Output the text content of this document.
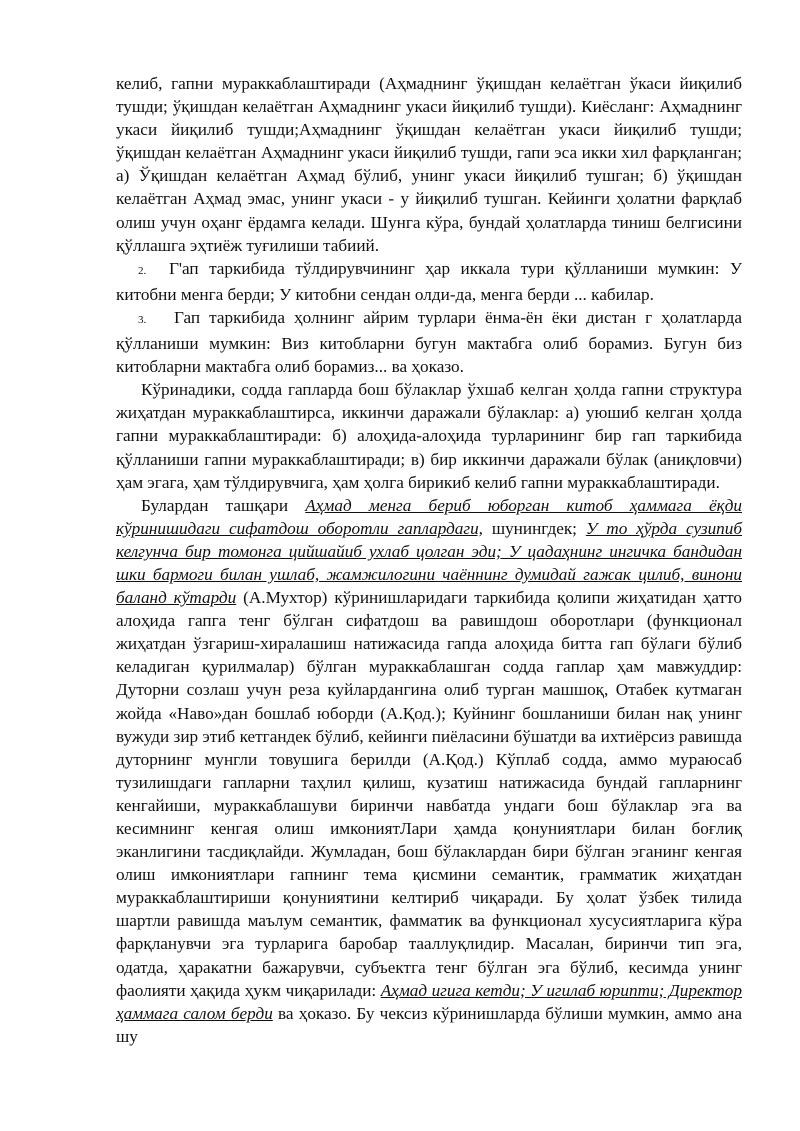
келиб, гапни мураккаблаштиради (Аҳмаднинг ўқишдан келаётган ўкаси йиқилиб тушди; ўқишдан келаётган Аҳмаднинг укаси йиқилиб тушди). Киёсланг: Аҳмаднинг укаси йиқилиб тушди;Аҳмаднинг ўқишдан келаётган укаси йиқилиб тушди; ўқишдан келаётган Аҳмаднинг укаси йиқилиб тушди, гапи эса икки хил фарқланган; а) Ўқишдан келаётган Аҳмад бўлиб, унинг укаси йиқилиб тушган; б) ўқишдан келаётган Аҳмад эмас, унинг укаси - у йиқилиб тушган. Кейинги ҳолатни фарқлаб олиш учун оҳанг ёрдамга келади. Шунга кўра, бундай ҳолатларда тиниш белгисини қўллашга эҳтиёж туғилиши табиий.

2. Г'ап таркибида тўлдирувчининг ҳар иккала тури қўлланиши мумкин: У китобни менга берди; У китобни сендан олди-да, менга берди ... кабилар.

3. Гап таркибида ҳолнинг айрим турлари ёнма-ён ёки дистан г ҳолатларда қўлланиши мумкин: Виз китобларни бугун мактабга олиб борамиз. Бугун биз китобларни мактабга олиб борамиз... ва ҳоказо.

Кўринадики, содда гапларда бош бўлаклар ўхшаб келган ҳолда гапни структура жиҳатдан мураккаблаштирса, иккинчи даражали бўлаклар: а) уюшиб келган ҳолда гапни мураккаблаштиради: б) алоҳида-алоҳида турларининг бир гап таркибида қўлланиши гапни мураккаблаштиради; в) бир иккинчи даражали бўлак (аниқловчи) ҳам эгага, ҳам тўлдирувчига, ҳам ҳолга бирикиб келиб гапни мураккаблаштиради.

Булардан ташқари Аҳмад менга бериб юборган китоб ҳаммага ёқди кўринишидаги сифатдош оборотли гаплардаги, шунингдек; У то ҳўрда сузипиб келгунча бир томонга цийшайиб ухлаб цолган эди; У цадаҳнинг ингичка бандидан шки бармоги билан ушлаб, жамжилогини чаённинг думидай гажак цилиб, винони баланд кўтарди (А.Мухтор) кўринишларидаги таркибида қолипи жиҳатидан ҳатто алоҳида гапга тенг бўлган сифатдош ва равишдош оборотлари (функционал жиҳатдан ўзгариш-хиралашиш натижасида гапда алоҳида битта гап бўлаги бўлиб келадиган қурилмалар) бўлган мураккаблашган содда гаплар ҳам мавжуддир: Дуторни созлаш учун реза куйлардангина олиб турган машшоқ, Отабек кутмаган жойда «Наво»дан бошлаб юборди (А.Қод.); Куйнинг бошланиши билан нақ унинг вужуди зир этиб кетгандек бўлиб, кейинги пиёласини бўшатди ва ихтиёрсиз равишда дуторнинг мунгли товушига берилди (А.Қод.) Кўплаб содда, аммо мураюсаб тузилишдаги гапларни таҳлил қилиш, кузатиш натижасида бундай гапларнинг кенгайиши, мураккаблашуви биринчи навбатда ундаги бош бўлаклар эга ва кесимнинг кенгая олиш имкониятЛари ҳамда қонуниятлари билан боғлиқ эканлигини тасдиқлайди. Жумладан, бош бўлаклардан бири бўлган эганинг кенгая олиш имкониятлари гапнинг тема қисмини семантик, грамматик жиҳатдан мураккаблаштириши қонуниятини келтириб чиқаради. Бу ҳолат ўзбек тилида шартли равишда маълум семантик, фамматик ва функционал хусусиятларига кўра фарқланувчи эга турларига баробар тааллуқлидир. Масалан, биринчи тип эга, одатда, ҳаракатни бажарувчи, субъектга тенг бўлган эга бўлиб, кесимда унинг фаолияти ҳақида ҳукм чиқарилади: Аҳмад игига кетди; У игилаб юрипти; Директор ҳаммага салом берди ва ҳоказо. Бу чексиз кўринишларда бўлиши мумкин, аммо ана шу
